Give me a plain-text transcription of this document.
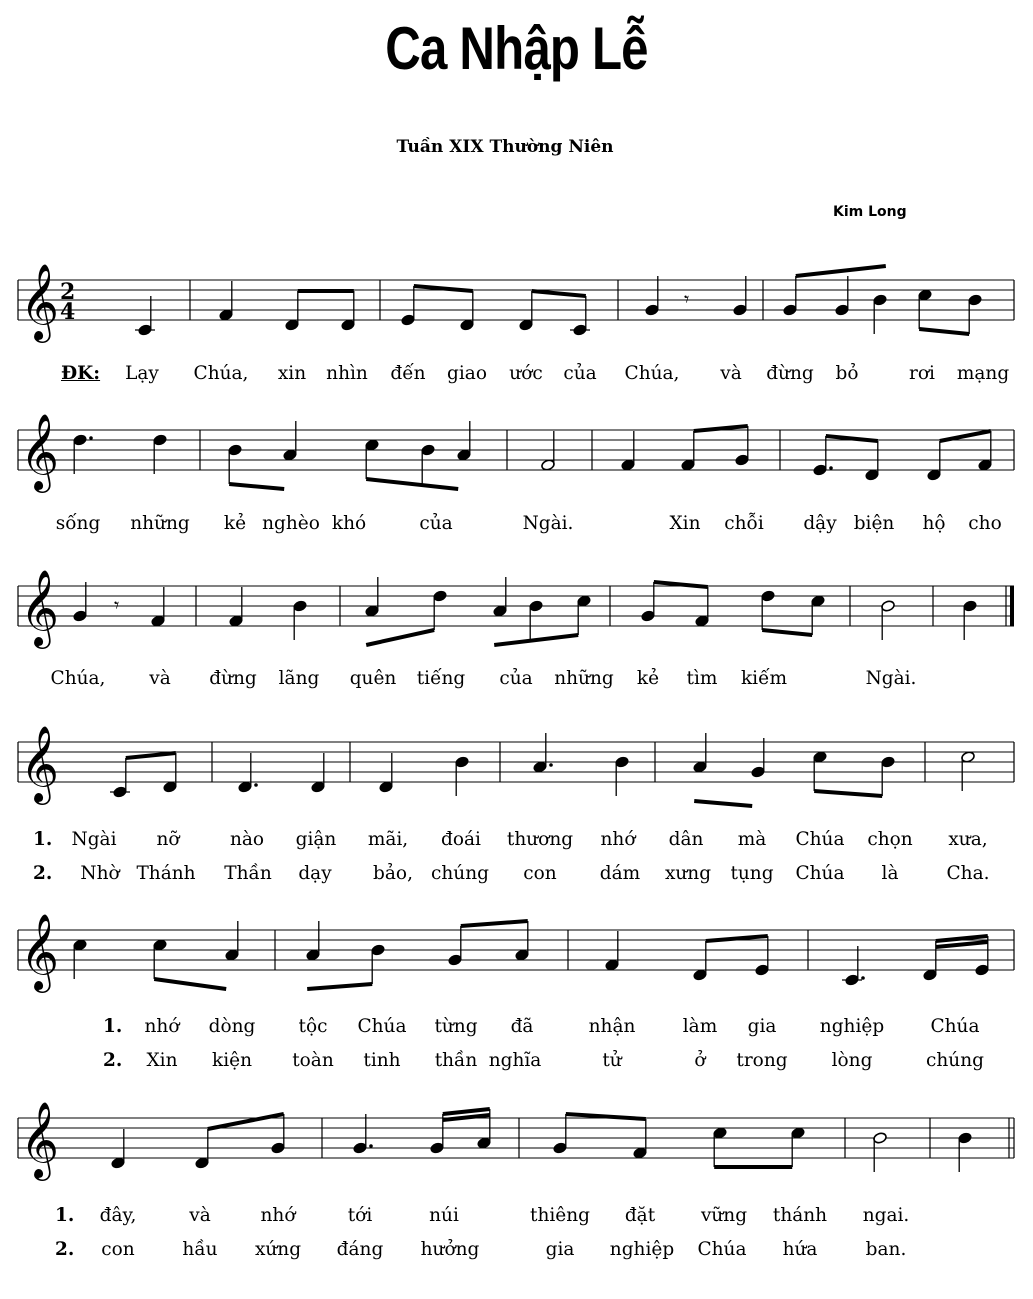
Ca Nhập Lễ
Tuần XIX Thường Niên
Kim Long
𝄞 2
4
𝄞
𝄞
𝄞
𝄞
𝄞
𝄾
𝄾
ĐK: Lạy Chúa, xin nhìn đến giao ước của Chúa, và đừng bỏ	rơi mạng
sống những kẻ nghèo khó	của	Ngài.	Xin chỗi dậy biện hộ cho
Chúa, và đừng lãng quên tiếng của những kẻ tìm kiếm	Ngài.
1.
2.
Ngài nỡ	nào giận mãi, đoái thương nhớ dân mà Chúa chọn xưa,
Nhờ Thánh Thần dạy bảo, chúng con dám xưng tụng Chúa là	Cha.
1.
2.
nhớ dòng tộc Chúa từng đã	nhận	làm gia nghiệp	Chúa
Xin kiện toàn tinh thần nghĩa	tử	ở trong lòng	chúng
1.
2.
đây,	và	nhớ	tới	núi	thiêng đặt vững thánh ngai.
con	hầu xứng đáng hưởng	gia nghiệp Chúa hứa	ban.
